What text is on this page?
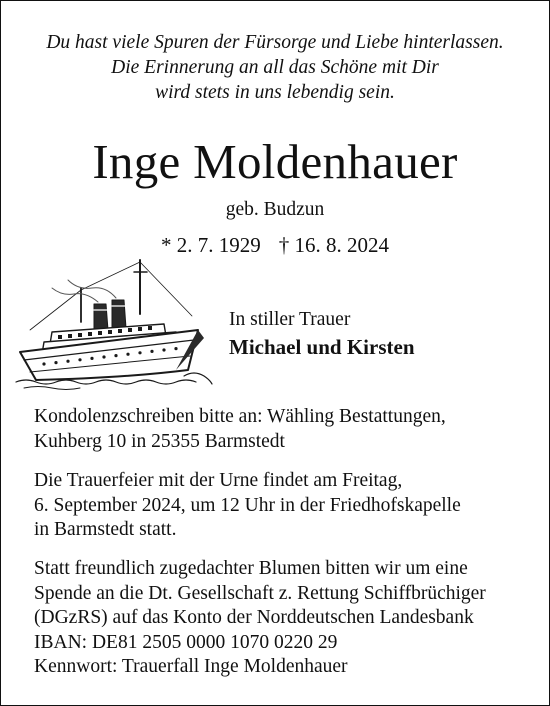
Du hast viele Spuren der Fürsorge und Liebe hinterlassen.
Die Erinnerung an all das Schöne mit Dir
wird stets in uns lebendig sein.
Inge Moldenhauer
geb. Budzun
* 2. 7. 1929 † 16. 8. 2024
In stiller Trauer
Michael und Kirsten
Kondolenzschreiben bitte an: Wähling Bestattungen,
Kuhberg 10 in 25355 Barmstedt
Die Trauerfeier mit der Urne findet am Freitag,
6. September 2024, um 12 Uhr in der Friedhofskapelle
in Barmstedt statt.
Statt freundlich zugedachter Blumen bitten wir um eine
Spende an die Dt. Gesellschaft z. Rettung Schiffbrüchiger
(DGzRS) auf das Konto der Norddeutschen Landesbank
IBAN: DE81 2505 0000 1070 0220 29
Kennwort: Trauerfall Inge Moldenhauer
